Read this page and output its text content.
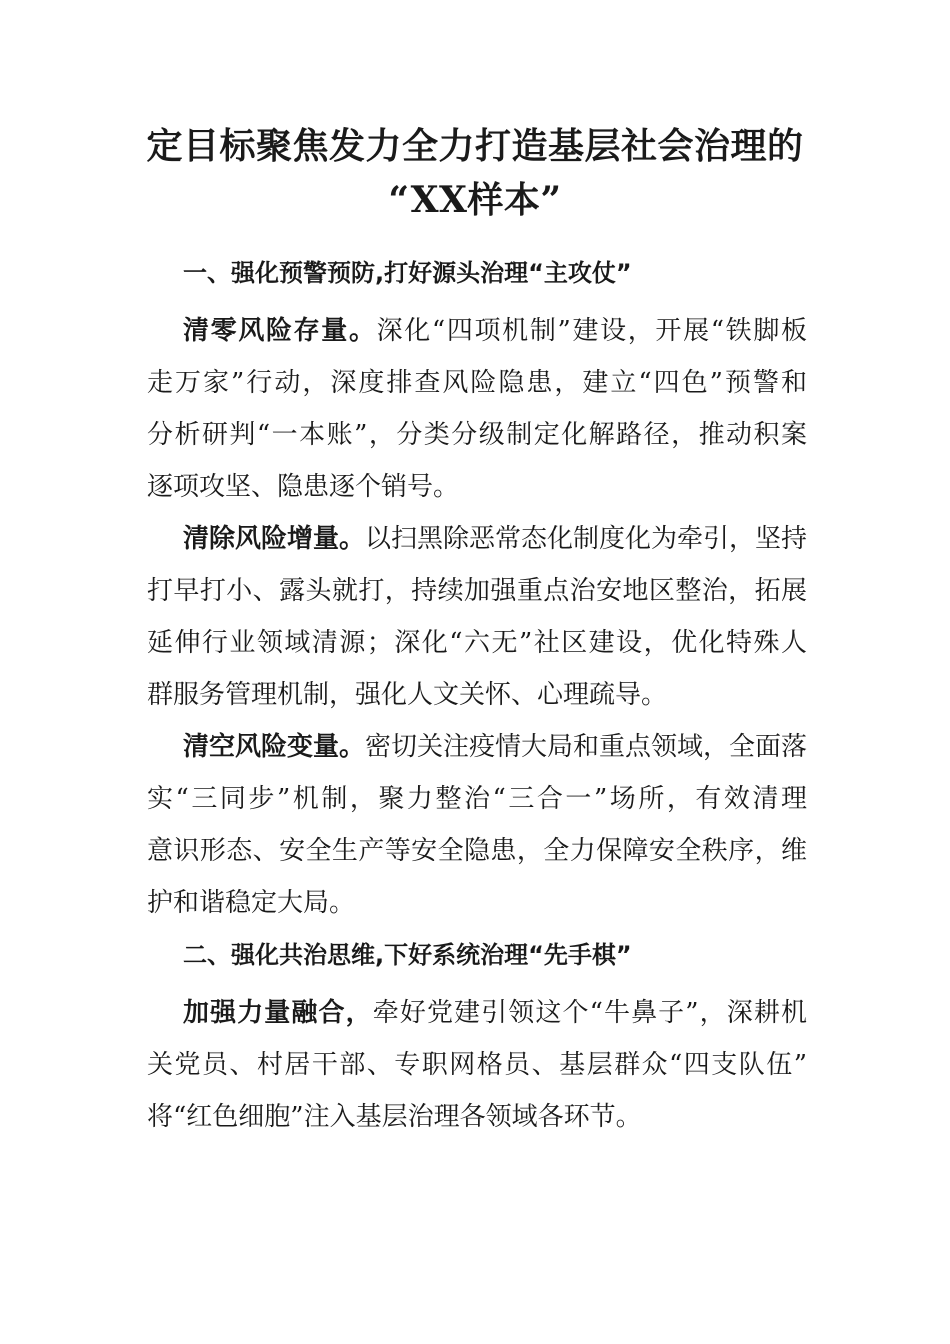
定目标聚焦发力全力打造基层社会治理的
“XX样本”
一、强化预警预防,打好源头治理“主攻仗”
清零风险存量。深化“四项机制”建设，开展“铁脚板
走万家”行动，深度排查风险隐患，建立“四色”预警和
分析研判“一本账”，分类分级制定化解路径，推动积案
逐项攻坚、隐患逐个销号。
清除风险增量。以扫黑除恶常态化制度化为牵引，坚持
打早打小、露头就打，持续加强重点治安地区整治，拓展
延伸行业领域清源；深化“六无”社区建设，优化特殊人
群服务管理机制，强化人文关怀、心理疏导。
清空风险变量。密切关注疫情大局和重点领域，全面落
实“三同步”机制，聚力整治“三合一”场所，有效清理
意识形态、安全生产等安全隐患，全力保障安全秩序，维
护和谐稳定大局。
二、强化共治思维,下好系统治理“先手棋”
加强力量融合，牵好党建引领这个“牛鼻子”，深耕机
关党员、村居干部、专职网格员、基层群众“四支队伍”
将“红色细胞”注入基层治理各领域各环节。
